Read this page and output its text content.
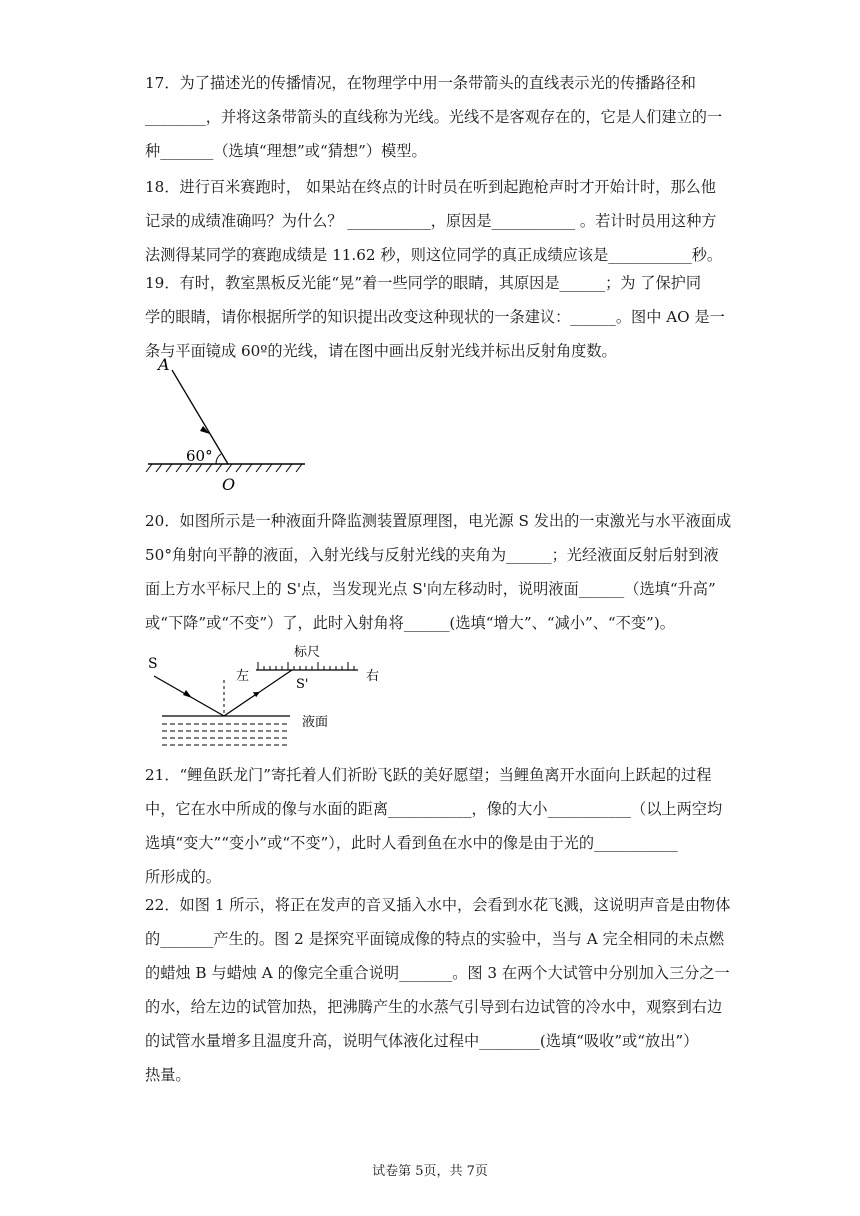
17．为了描述光的传播情况，在物理学中用一条带箭头的直线表示光的传播路径和

________，并将这条带箭头的直线称为光线。光线不是客观存在的，它是人们建立的一

种_______（选填“理想”或“猜想”）模型。

18．进行百米赛跑时， 如果站在终点的计时员在听到起跑枪声时才开始计时，那么他

记录的成绩准确吗？为什么？ ___________，原因是___________ 。若计时员用这种方

法测得某同学的赛跑成绩是 11.62 秒，则这位同学的真正成绩应该是___________秒。

19．有时，教室黑板反光能“晃”着一些同学的眼睛，其原因是______；为 了保护同

学的眼睛，请你根据所学的知识提出改变这种现状的一条建议：______。图中 AO 是一

条与平面镜成 60º的光线，请在图中画出反射光线并标出反射角度数。

A
60°
O

20．如图所示是一种液面升降监测装置原理图，电光源 S 发出的一束激光与水平液面成

50°角射向平静的液面，入射光线与反射光线的夹角为______；光经液面反射后射到液

面上方水平标尺上的 S'点，当发现光点 S'向左移动时，说明液面______（选填“升高”

或“下降”或“不变”）了，此时入射角将______(选填“增大”、“减小”、“不变”)。

S
标尺
左	右
S'
液面

21．“鲤鱼跃龙门”寄托着人们祈盼飞跃的美好愿望；当鲤鱼离开水面向上跃起的过程

中，它在水中所成的像与水面的距离___________，像的大小___________（以上两空均

选填“变大”“变小”或“不变”），此时人看到鱼在水中的像是由于光的___________

所形成的。

22．如图 1 所示，将正在发声的音叉插入水中，会看到水花飞溅，这说明声音是由物体

的_______产生的。图 2 是探究平面镜成像的特点的实验中，当与 A 完全相同的未点燃

的蜡烛 B 与蜡烛 A 的像完全重合说明_______。图 3 在两个大试管中分别加入三分之一

的水，给左边的试管加热，把沸腾产生的水蒸气引导到右边试管的冷水中，观察到右边

的试管水量增多且温度升高，说明气体液化过程中________(选填“吸收”或“放出”）

热量。

试卷第 5页，共 7页
